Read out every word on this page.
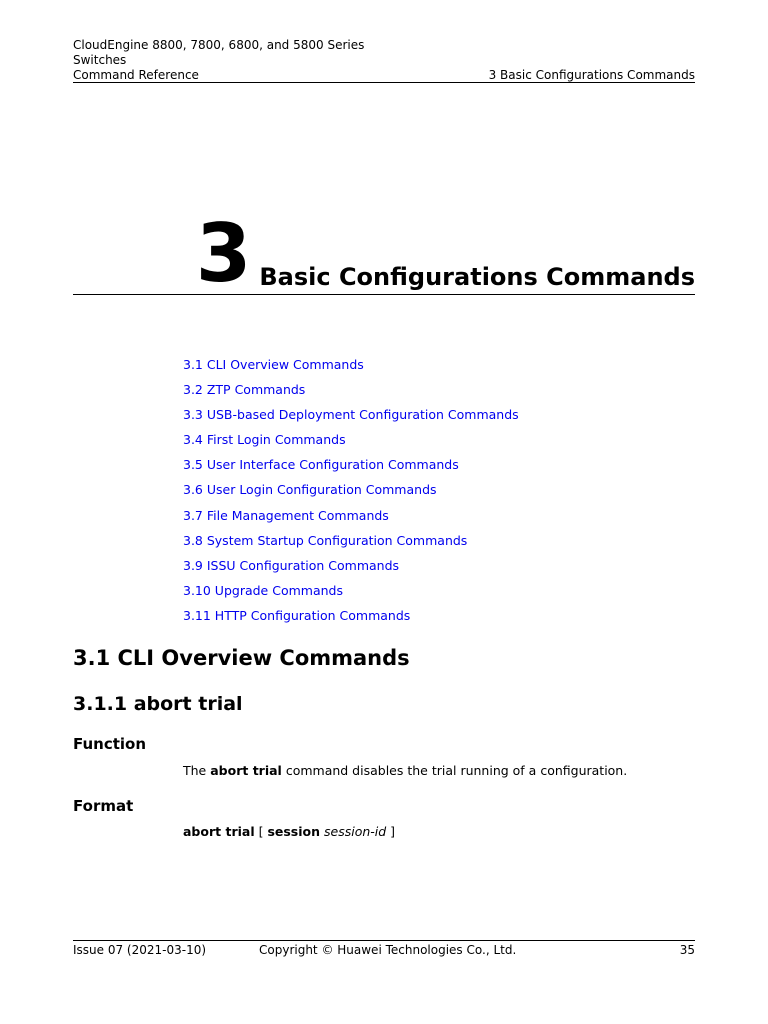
CloudEngine 8800, 7800, 6800, and 5800 Series
Switches
Command Reference	3 Basic Configurations Commands
3 Basic Configurations Commands
3.1 CLI Overview Commands
3.2 ZTP Commands
3.3 USB-based Deployment Configuration Commands
3.4 First Login Commands
3.5 User Interface Configuration Commands
3.6 User Login Configuration Commands
3.7 File Management Commands
3.8 System Startup Configuration Commands
3.9 ISSU Configuration Commands
3.10 Upgrade Commands
3.11 HTTP Configuration Commands
3.1 CLI Overview Commands
3.1.1 abort trial
Function
The abort trial command disables the trial running of a configuration.
Format
abort trial [ session session-id ]
Issue 07 (2021-03-10)	Copyright © Huawei Technologies Co., Ltd.	35
